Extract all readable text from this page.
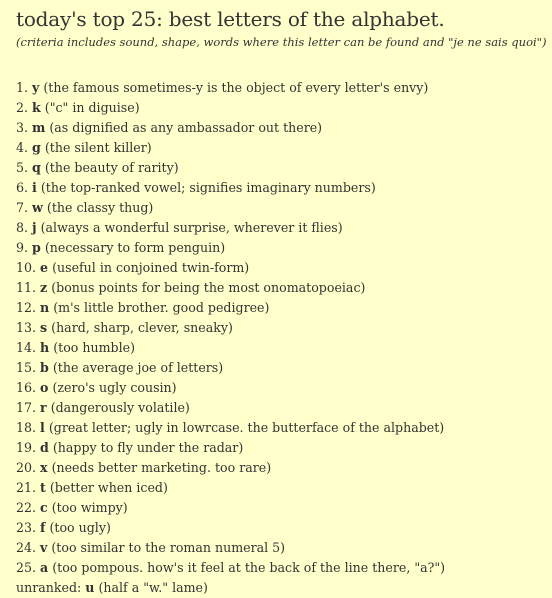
today's top 25: best letters of the alphabet.
(criteria includes sound, shape, words where this letter can be found and "je ne sais quoi")
1. y (the famous sometimes-y is the object of every letter's envy)
2. k ("c" in diguise)
3. m (as dignified as any ambassador out there)
4. g (the silent killer)
5. q (the beauty of rarity)
6. i (the top-ranked vowel; signifies imaginary numbers)
7. w (the classy thug)
8. j (always a wonderful surprise, wherever it flies)
9. p (necessary to form penguin)
10. e (useful in conjoined twin-form)
11. z (bonus points for being the most onomatopoeiac)
12. n (m's little brother. good pedigree)
13. s (hard, sharp, clever, sneaky)
14. h (too humble)
15. b (the average joe of letters)
16. o (zero's ugly cousin)
17. r (dangerously volatile)
18. l (great letter; ugly in lowrcase. the butterface of the alphabet)
19. d (happy to fly under the radar)
20. x (needs better marketing. too rare)
21. t (better when iced)
22. c (too wimpy)
23. f (too ugly)
24. v (too similar to the roman numeral 5)
25. a (too pompous. how's it feel at the back of the line there, "a?")
unranked: u (half a "w." lame)
